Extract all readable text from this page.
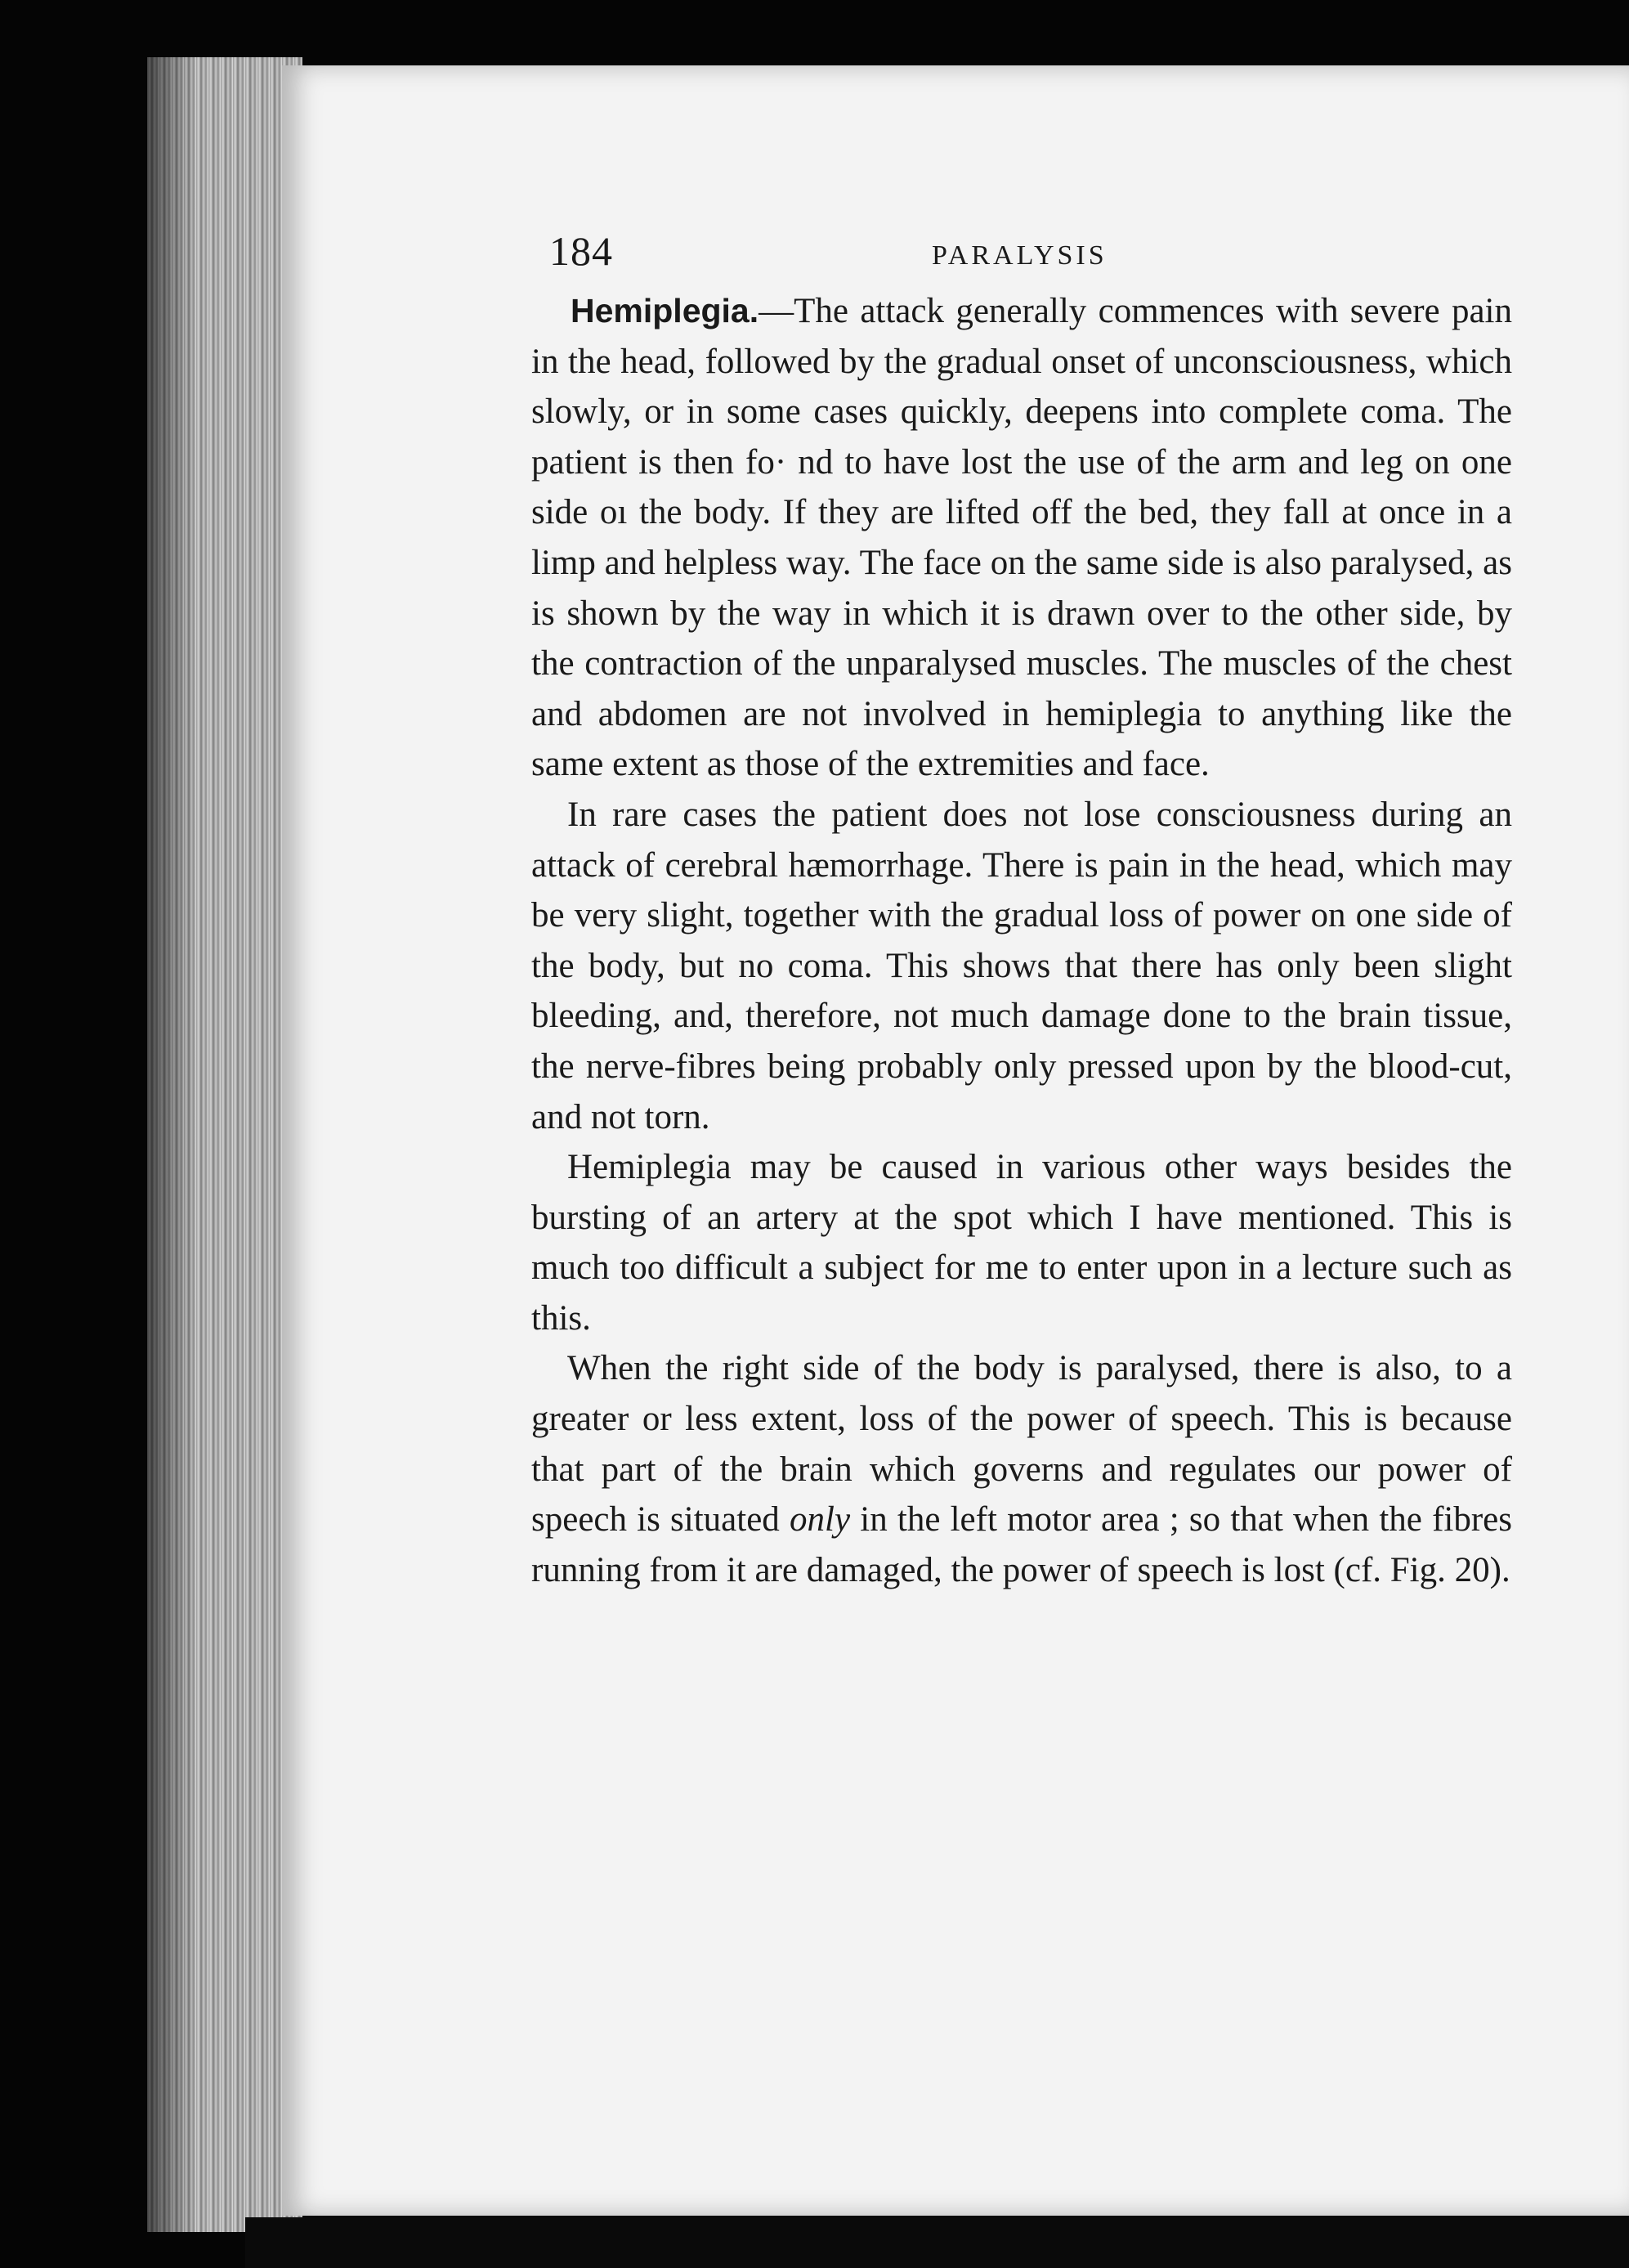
184	PARALYSIS

Hemiplegia.—The attack generally commences with severe pain in the head, followed by the gradual onset of unconsciousness, which slowly, or in some cases quickly, deepens into complete coma. The patient is then fo· nd to have lost the use of the arm and leg on one side oı the body. If they are lifted off the bed, they fall at once in a limp and helpless way. The face on the same side is also paralysed, as is shown by the way in which it is drawn over to the other side, by the contraction of the unparalysed muscles. The muscles of the chest and abdomen are not involved in hemiplegia to anything like the same extent as those of the extremities and face.

In rare cases the patient does not lose consciousness during an attack of cerebral hæmorrhage. There is pain in the head, which may be very slight, together with the gradual loss of power on one side of the body, but no coma. This shows that there has only been slight bleeding, and, therefore, not much damage done to the brain tissue, the nerve-fibres being probably only pressed upon by the blood-cut, and not torn.

Hemiplegia may be caused in various other ways besides the bursting of an artery at the spot which I have mentioned. This is much too difficult a subject for me to enter upon in a lecture such as this.

When the right side of the body is paralysed, there is also, to a greater or less extent, loss of the power of speech. This is because that part of the brain which governs and regulates our power of speech is situated only in the left motor area ; so that when the fibres running from it are damaged, the power of speech is lost (cf. Fig. 20).
